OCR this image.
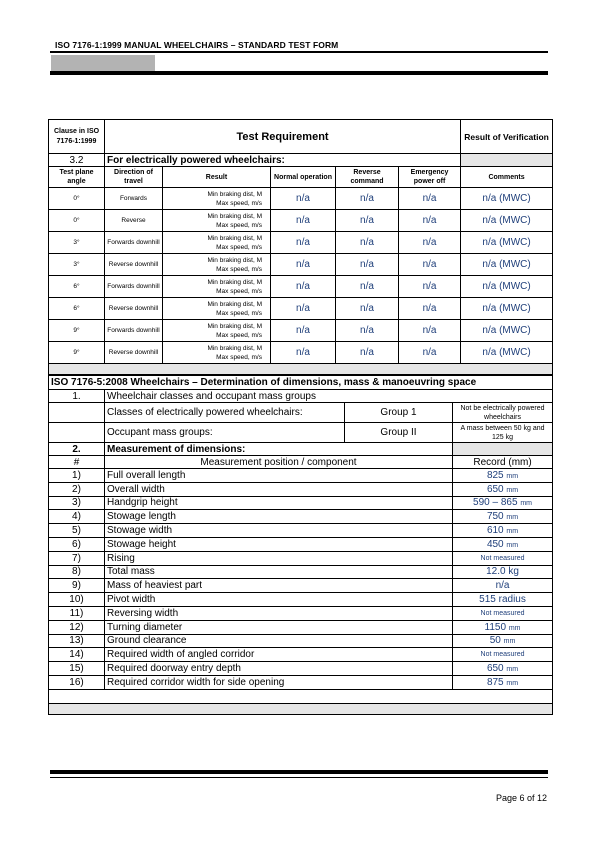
ISO 7176-1:1999 MANUAL WHEELCHAIRS – STANDARD TEST FORM
Clause in ISO 7176-1:1999	Test Requirement					Result of Verification
3.2	For electrically powered wheelchairs:					
Test plane angle	Direction of travel	Result	Normal operation	Reverse command	Emergency power off	Comments
0°	Forwards	Min braking dist, M
Max speed, m/s	n/a	n/a	n/a	n/a (MWC)
0°	Reverse	Min braking dist, M
Max speed, m/s	n/a	n/a	n/a	n/a (MWC)
3°	Forwards downhill	Min braking dist, M
Max speed, m/s	n/a	n/a	n/a	n/a (MWC)
3°	Reverse downhill	Min braking dist, M
Max speed, m/s	n/a	n/a	n/a	n/a (MWC)
6°	Forwards downhill	Min braking dist, M
Max speed, m/s	n/a	n/a	n/a	n/a (MWC)
6°	Reverse downhill	Min braking dist, M
Max speed, m/s	n/a	n/a	n/a	n/a (MWC)
9°	Forwards downhill	Min braking dist, M
Max speed, m/s	n/a	n/a	n/a	n/a (MWC)
9°	Reverse downhill	Min braking dist, M
Max speed, m/s	n/a	n/a	n/a	n/a (MWC)

ISO 7176-5:2008 Wheelchairs – Determination of dimensions, mass & manoeuvring space			
1.	Wheelchair classes and occupant mass groups		
	Classes of electrically powered wheelchairs:	Group 1	Not be electrically powered wheelchairs
	Occupant mass groups:	Group II	A mass between 50 kg and 125 kg
2.	Measurement of dimensions:		
#	Measurement position / component		Record (mm)
1)	Full overall length		825 mm
2)	Overall width		650 mm
3)	Handgrip height		590 – 865 mm
4)	Stowage length		750 mm
5)	Stowage width		610 mm
6)	Stowage height		450 mm
7)	Rising		Not measured
8)	Total mass		12.0 kg
9)	Mass of heaviest part		n/a
10)	Pivot width		515 radius
11)	Reversing width		Not measured
12)	Turning diameter		1150 mm
13)	Ground clearance		50 mm
14)	Required width of angled corridor		Not measured
15)	Required doorway entry depth		650 mm
16)	Required corridor width for side opening		875 mm

Page 6 of 12
